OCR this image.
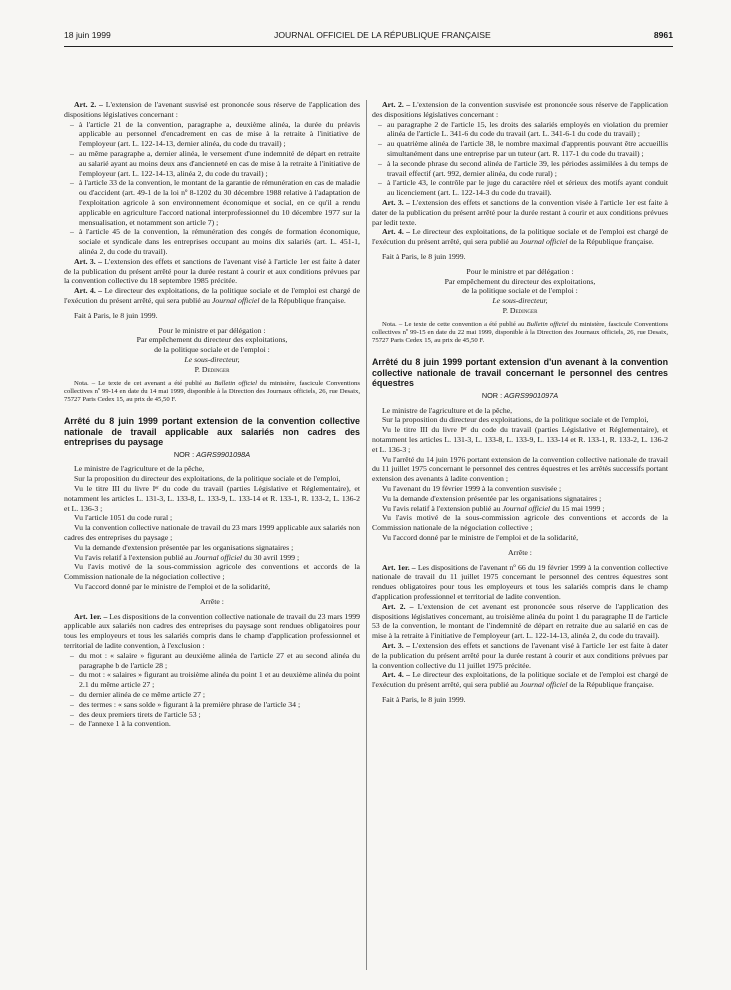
18 juin 1999	JOURNAL OFFICIEL DE LA RÉPUBLIQUE FRANÇAISE	8961

Art. 2. – L'extension de l'avenant susvisé est prononcée sous réserve de l'application des dispositions législatives concernant :

– à l'article 21 de la convention, paragraphe a, deuxième alinéa, la durée du préavis applicable au personnel d'encadrement en cas de mise à la retraite à l'initiative de l'employeur (art. L. 122-14-13, dernier alinéa, du code du travail) ;
– au même paragraphe a, dernier alinéa, le versement d'une indemnité de départ en retraite au salarié ayant au moins deux ans d'ancienneté en cas de mise à la retraite à l'initiative de l'employeur (art. L. 122-14-13, alinéa 2, du code du travail) ;
– à l'article 33 de la convention, le montant de la garantie de rémunération en cas de maladie ou d'accident (art. 49-1 de la loi nº 8-1202 du 30 décembre 1988 relative à l'adaptation de l'exploitation agricole à son environnement économique et social, en ce qu'il a rendu applicable en agriculture l'accord national interprofessionnel du 10 décembre 1977 sur la mensualisation, et notamment son article 7) ;
– à l'article 45 de la convention, la rémunération des congés de formation économique, sociale et syndicale dans les entreprises occupant au moins dix salariés (art. L. 451-1, alinéa 2, du code du travail).

Art. 3. – L'extension des effets et sanctions de l'avenant visé à l'article 1er est faite à dater de la publication du présent arrêté pour la durée restant à courir et aux conditions prévues par la convention collective du 18 septembre 1985 précitée.

Art. 4. – Le directeur des exploitations, de la politique sociale et de l'emploi est chargé de l'exécution du présent arrêté, qui sera publié au Journal officiel de la République française.

Fait à Paris, le 8 juin 1999.

Pour le ministre et par délégation :
Par empêchement du directeur des exploitations,
de la politique sociale et de l'emploi :
Le sous-directeur,
P. Dedinger

Nota. – Le texte de cet avenant a été publié au Bulletin officiel du ministère, fascicule Conventions collectives nº 99-14 en date du 14 mai 1999, disponible à la Direction des Journaux officiels, 26, rue Desaix, 75727 Paris Cedex 15, au prix de 45,50 F.

Arrêté du 8 juin 1999 portant extension de la convention collective nationale de travail applicable aux salariés non cadres des entreprises du paysage

NOR : AGRS9901098A

Le ministre de l'agriculture et de la pêche,

Sur la proposition du directeur des exploitations, de la politique sociale et de l'emploi,

Vu le titre III du livre Iᵉʳ du code du travail (parties Législative et Réglementaire), et notamment les articles L. 131-3, L. 133-8, L. 133-9, L. 133-14 et R. 133-1, R. 133-2, L. 136-2 et L. 136-3 ;

Vu l'article 1051 du code rural ;

Vu la convention collective nationale de travail du 23 mars 1999 applicable aux salariés non cadres des entreprises du paysage ;

Vu la demande d'extension présentée par les organisations signataires ;

Vu l'avis relatif à l'extension publié au Journal officiel du 30 avril 1999 ;

Vu l'avis motivé de la sous-commission agricole des conventions et accords de la Commission nationale de la négociation collective ;

Vu l'accord donné par le ministre de l'emploi et de la solidarité,

Arrête :

Art. 1er. – Les dispositions de la convention collective nationale de travail du 23 mars 1999 applicable aux salariés non cadres des entreprises du paysage sont rendues obligatoires pour tous les employeurs et tous les salariés compris dans le champ d'application professionnel et territorial de ladite convention, à l'exclusion :

– du mot : « salaire » figurant au deuxième alinéa de l'article 27 et au second alinéa du paragraphe b de l'article 28 ;
– du mot : « salaires » figurant au troisième alinéa du point 1 et au deuxième alinéa du point 2.1 du même article 27 ;
– du dernier alinéa de ce même article 27 ;
– des termes : « sans solde » figurant à la première phrase de l'article 34 ;
– des deux premiers tirets de l'article 53 ;
– de l'annexe 1 à la convention.

Art. 2. – L'extension de la convention susvisée est prononcée sous réserve de l'application des dispositions législatives concernant :

– au paragraphe 2 de l'article 15, les droits des salariés employés en violation du premier alinéa de l'article L. 341-6 du code du travail (art. L. 341-6-1 du code du travail) ;
– au quatrième alinéa de l'article 38, le nombre maximal d'apprentis pouvant être accueillis simultanément dans une entreprise par un tuteur (art. R. 117-1 du code du travail) ;
– à la seconde phrase du second alinéa de l'article 39, les périodes assimilées à du temps de travail effectif (art. 992, dernier alinéa, du code rural) ;
– à l'article 43, le contrôle par le juge du caractère réel et sérieux des motifs ayant conduit au licenciement (art. L. 122-14-3 du code du travail).

Art. 3. – L'extension des effets et sanctions de la convention visée à l'article 1er est faite à dater de la publication du présent arrêté pour la durée restant à courir et aux conditions prévues par ledit texte.

Art. 4. – Le directeur des exploitations, de la politique sociale et de l'emploi est chargé de l'exécution du présent arrêté, qui sera publié au Journal officiel de la République française.

Fait à Paris, le 8 juin 1999.

Pour le ministre et par délégation :
Par empêchement du directeur des exploitations,
de la politique sociale et de l'emploi :
Le sous-directeur,
P. Dedinger

Nota. – Le texte de cette convention a été publié au Bulletin officiel du ministère, fascicule Conventions collectives nº 99-15 en date du 22 mai 1999, disponible à la Direction des Journaux officiels, 26, rue Desaix, 75727 Paris Cedex 15, au prix de 45,50 F.

Arrêté du 8 juin 1999 portant extension d'un avenant à la convention collective nationale de travail concernant le personnel des centres équestres

NOR : AGRS9901097A

Le ministre de l'agriculture et de la pêche,

Sur la proposition du directeur des exploitations, de la politique sociale et de l'emploi,

Vu le titre III du livre Iᵉʳ du code du travail (parties Législative et Réglementaire), et notamment les articles L. 131-3, L. 133-8, L. 133-9, L. 133-14 et R. 133-1, R. 133-2, L. 136-2 et L. 136-3 ;

Vu l'arrêté du 14 juin 1976 portant extension de la convention collective nationale de travail du 11 juillet 1975 concernant le personnel des centres équestres et les arrêtés successifs portant extension des avenants à ladite convention ;

Vu l'avenant du 19 février 1999 à la convention susvisée ;

Vu la demande d'extension présentée par les organisations signataires ;

Vu l'avis relatif à l'extension publié au Journal officiel du 15 mai 1999 ;

Vu l'avis motivé de la sous-commission agricole des conventions et accords de la Commission nationale de la négociation collective ;

Vu l'accord donné par le ministre de l'emploi et de la solidarité,

Arrête :

Art. 1er. – Les dispositions de l'avenant nº 66 du 19 février 1999 à la convention collective nationale de travail du 11 juillet 1975 concernant le personnel des centres équestres sont rendues obligatoires pour tous les employeurs et tous les salariés compris dans le champ d'application professionnel et territorial de ladite convention.

Art. 2. – L'extension de cet avenant est prononcée sous réserve de l'application des dispositions législatives concernant, au troisième alinéa du point 1 du paragraphe II de l'article 53 de la convention, le montant de l'indemnité de départ en retraite due au salarié en cas de mise à la retraite à l'initiative de l'employeur (art. L. 122-14-13, alinéa 2, du code du travail).

Art. 3. – L'extension des effets et sanctions de l'avenant visé à l'article 1er est faite à dater de la publication du présent arrêté pour la durée restant à courir et aux conditions prévues par la convention collective du 11 juillet 1975 précitée.

Art. 4. – Le directeur des exploitations, de la politique sociale et de l'emploi est chargé de l'exécution du présent arrêté, qui sera publié au Journal officiel de la République française.

Fait à Paris, le 8 juin 1999.
